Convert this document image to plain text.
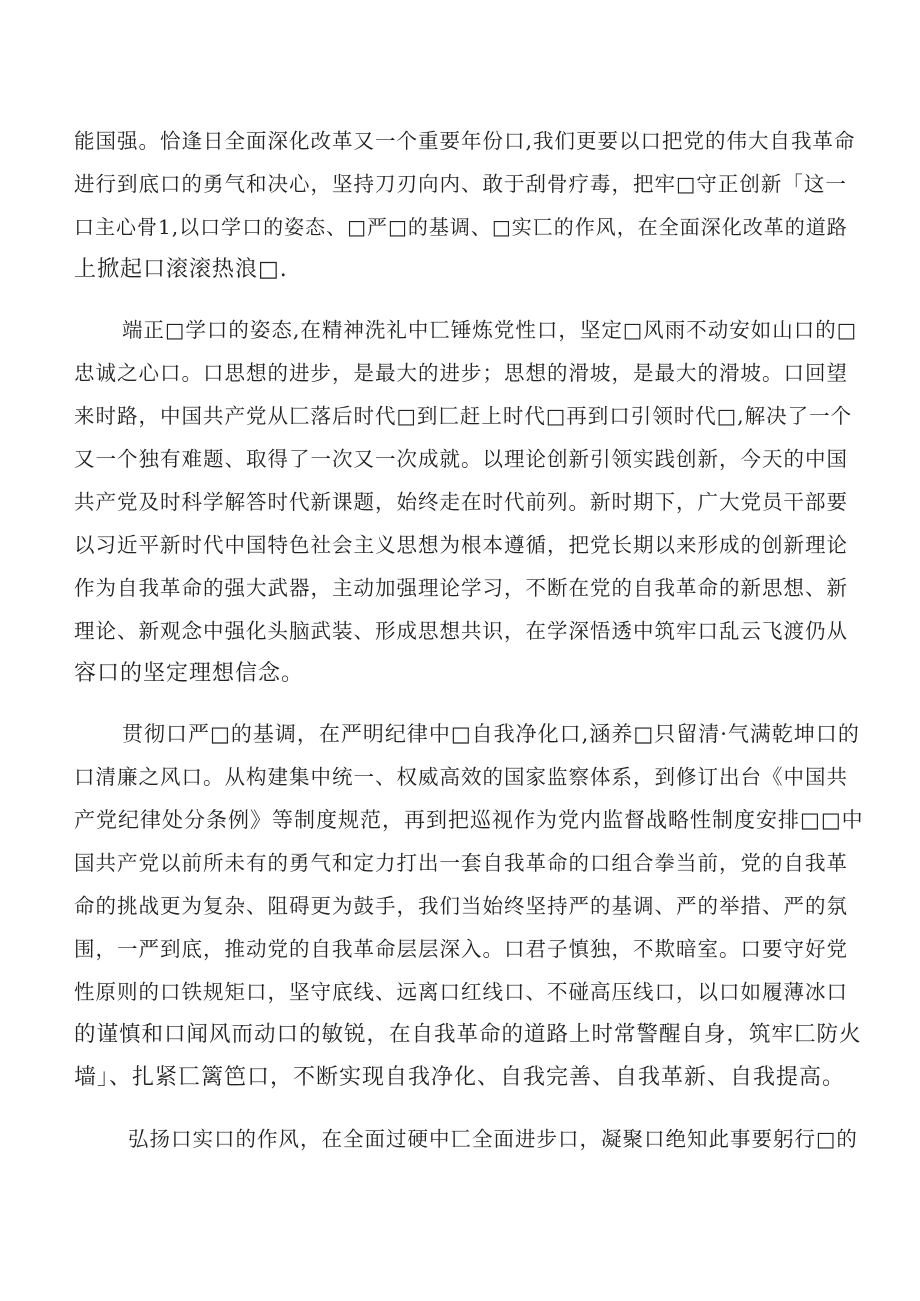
能国强。恰逢日全面深化改革又一个重要年份口,我们更要以口把党的伟大自我革命
进行到底口的勇气和决心，坚持刀刃向内、敢于刮骨疗毒，把牢□守正创新「这一
口主心骨1,以口学口的姿态、□严□的基调、□实匸的作风，在全面深化改革的道路
上掀起口滚滚热浪□.
端正□学口的姿态,在精神洗礼中匸锤炼党性口，坚定□风雨不动安如山口的□
忠诚之心口。口思想的进步，是最大的进步；思想的滑坡，是最大的滑坡。口回望
来时路，中国共产党从匚落后时代□到匚赶上时代□再到口引领时代□,解决了一个
又一个独有难题、取得了一次又一次成就。以理论创新引领实践创新，今天的中国
共产党及时科学解答时代新课题，始终走在时代前列。新时期下，广大党员干部要
以习近平新时代中国特色社会主义思想为根本遵循，把党长期以来形成的创新理论
作为自我革命的强大武器，主动加强理论学习，不断在党的自我革命的新思想、新
理论、新观念中强化头脑武装、形成思想共识，在学深悟透中筑牢口乱云飞渡仍从
容口的坚定理想信念。
贯彻口严□的基调，在严明纪律中□自我净化口,涵养□只留清·气满乾坤口的
口清廉之风口。从构建集中统一、权威高效的国家监察体系，到修订出台《中国共
产党纪律处分条例》等制度规范，再到把巡视作为党内监督战略性制度安排□□中
国共产党以前所未有的勇气和定力打出一套自我革命的口组合拳当前，党的自我革
命的挑战更为复杂、阻碍更为鼓手，我们当始终坚持严的基调、严的举措、严的氛
围，一严到底，推动党的自我革命层层深入。口君子慎独，不欺暗室。口要守好党
性原则的口铁规矩口，坚守底线、远离口红线口、不碰高压线口，以口如履薄冰口
的谨慎和口闻风而动口的敏锐，在自我革命的道路上时常警醒自身，筑牢匚防火
墙」、扎紧匸篱笆口，不断实现自我净化、自我完善、自我革新、自我提高。
弘扬口实口的作风，在全面过硬中匸全面进步口，凝聚口绝知此事要躬行□的
